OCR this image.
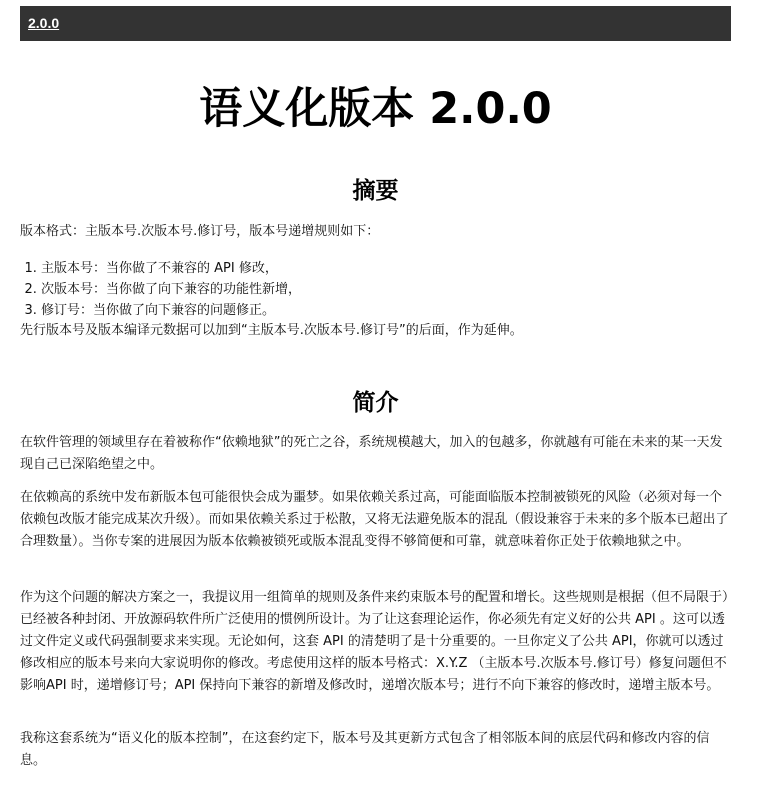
2.0.0
语义化版本 2.0.0
摘要

版本格式：主版本号.次版本号.修订号，版本号递增规则如下：

1. 主版本号：当你做了不兼容的 API 修改，
2. 次版本号：当你做了向下兼容的功能性新增，
3. 修订号：当你做了向下兼容的问题修正。

先行版本号及版本编译元数据可以加到“主版本号.次版本号.修订号”的后面，作为延伸。

简介

在软件管理的领域里存在着被称作“依赖地狱”的死亡之谷，系统规模越大，加入的包越多，你就越有可能在未来的某一天发现自己已深陷绝望之中。

在依赖高的系统中发布新版本包可能很快会成为噩梦。如果依赖关系过高，可能面临版本控制被锁死的风险（必须对每一个依赖包改版才能完成某次升级）。而如果依赖关系过于松散，又将无法避免版本的混乱（假设兼容于未来的多个版本已超出了合理数量）。当你专案的进展因为版本依赖被锁死或版本混乱变得不够简便和可靠，就意味着你正处于依赖地狱之中。

作为这个问题的解决方案之一，我提议用一组简单的规则及条件来约束版本号的配置和增长。这些规则是根据（但不局限于）已经被各种封闭、开放源码软件所广泛使用的惯例所设计。为了让这套理论运作，你必须先有定义好的公共 API 。这可以透过文件定义或代码强制要求来实现。无论如何，这套 API 的清楚明了是十分重要的。一旦你定义了公共 API，你就可以透过修改相应的版本号来向大家说明你的修改。考虑使用这样的版本号格式：X.Y.Z （主版本号.次版本号.修订号）修复问题但不影响API 时，递增修订号；API 保持向下兼容的新增及修改时，递增次版本号；进行不向下兼容的修改时，递增主版本号。

我称这套系统为“语义化的版本控制”，在这套约定下，版本号及其更新方式包含了相邻版本间的底层代码和修改内容的信息。
